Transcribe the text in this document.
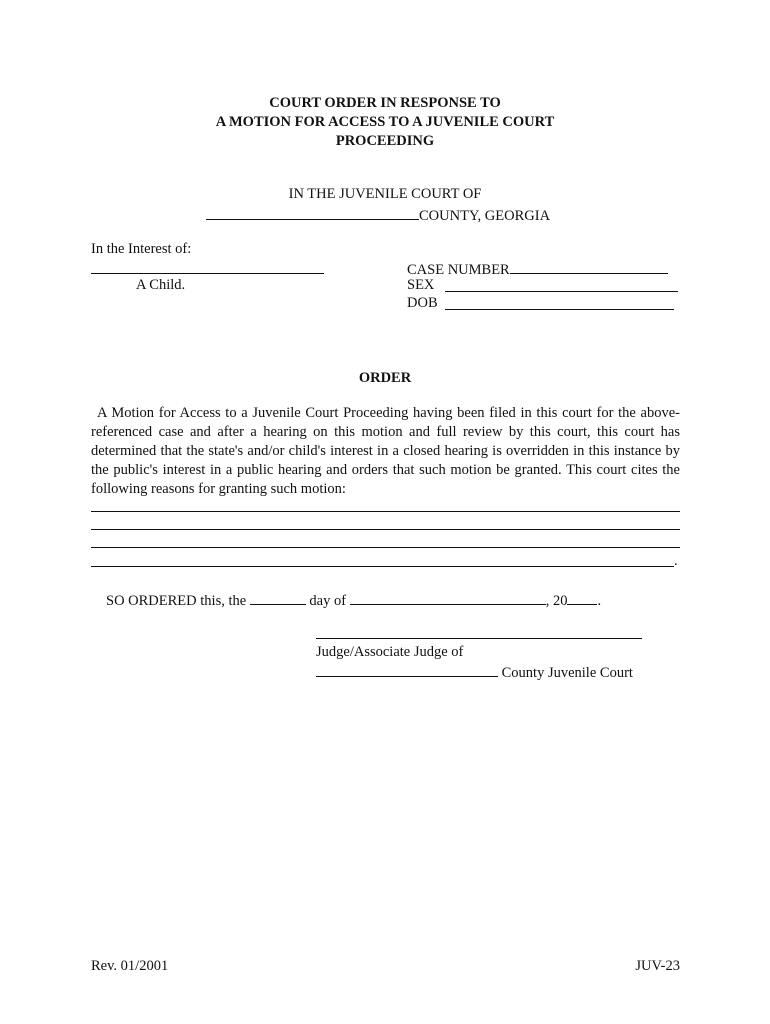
COURT ORDER IN RESPONSE TO
A MOTION FOR ACCESS TO A JUVENILE COURT
PROCEEDING
IN THE JUVENILE COURT OF
COUNTY, GEORGIA
In the Interest of:
A Child.
CASE NUMBER
SEX
DOB
ORDER
A Motion for Access to a Juvenile Court Proceeding having been filed in this court for the above-referenced case and after a hearing on this motion and full review by this court, this court has determined that the state's and/or child's interest in a closed hearing is overridden in this instance by the public's interest in a public hearing and orders that such motion be granted. This court cites the following reasons for granting such motion:
.
SO ORDERED this, the	day of	, 20 .
Judge/Associate Judge of
County Juvenile Court
Rev. 01/2001	JUV-23
